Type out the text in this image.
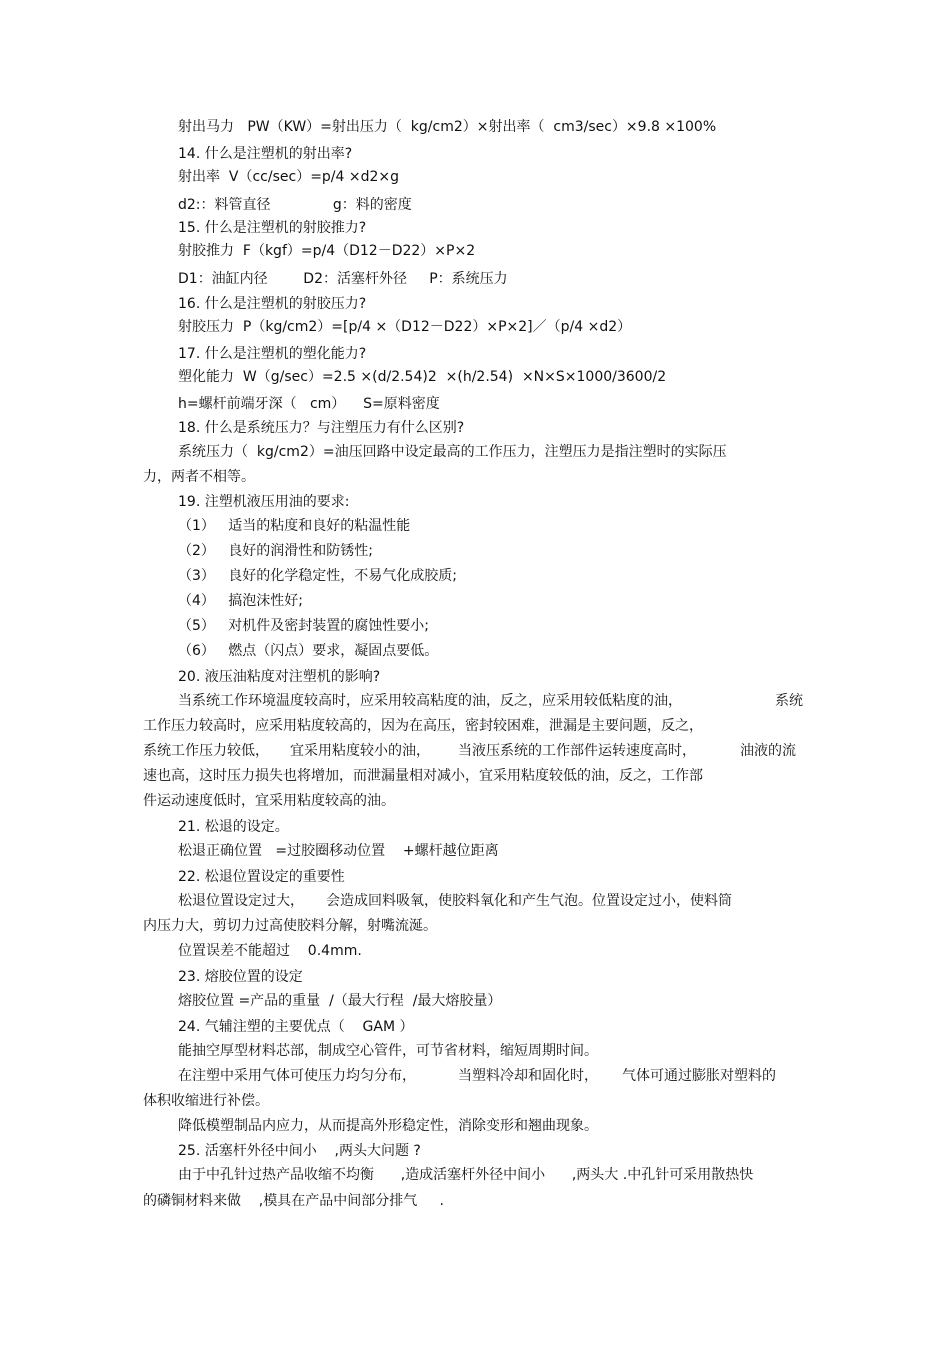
射出马力   PW（KW）=射出压力（  kg/cm2）×射出率（  cm3/sec）×9.8 ×100%
14. 什么是注塑机的射出率?
射出率  V（cc/sec）=p/4 ×d2×g
d2:：料管直径              g：料的密度
15. 什么是注塑机的射胶推力?
射胶推力  F（kgf）=p/4（D12－D22）×P×2
D1：油缸内径        D2：活塞杆外径     P：系统压力
16. 什么是注塑机的射胶压力?
射胶压力  P（kg/cm2）=[p/4 ×（D12－D22）×P×2]／（p/4 ×d2）
17. 什么是注塑机的塑化能力?
塑化能力  W（g/sec）=2.5 ×(d/2.54)2  ×(h/2.54)  ×N×S×1000/3600/2
h=螺杆前端牙深（   cm）    S=原料密度
18. 什么是系统压力？与注塑压力有什么区别?
系统压力（  kg/cm2）=油压回路中设定最高的工作压力，注塑压力是指注塑时的实际压
力，两者不相等。
19. 注塑机液压用油的要求:
（1）   适当的粘度和良好的粘温性能
（2）   良好的润滑性和防锈性;
（3）   良好的化学稳定性，不易气化成胶质;
（4）   搞泡沫性好;
（5）   对机件及密封装置的腐蚀性要小;
（6）   燃点（闪点）要求，凝固点要低。
20. 液压油粘度对注塑机的影响?
当系统工作环境温度较高时，应采用较高粘度的油，反之，应采用较低粘度的油，	系统
工作压力较高时，应采用粘度较高的，因为在高压，密封较困难，泄漏是主要问题，反之，
系统工作压力较低， 宜采用粘度较小的油， 当液压系统的工作部件运转速度高时，	油液的流
速也高，这时压力损失也将增加，而泄漏量相对减小，宜采用粘度较低的油，反之，工作部
件运动速度低时，宜采用粘度较高的油。
21. 松退的设定。
松退正确位置   =过胶圈移动位置    +螺杆越位距离
22. 松退位置设定的重要性
松退位置设定过大， 会造成回料吸氧，使胶料氧化和产生气泡。位置设定过小，使料筒
内压力大，剪切力过高使胶料分解，射嘴流涎。
位置误差不能超过    0.4mm.
23. 熔胶位置的设定
熔胶位置 =产品的重量  /（最大行程  /最大熔胶量）
24. 气辅注塑的主要优点（    GAM ）
能抽空厚型材料芯部，制成空心管件，可节省材料，缩短周期时间。
在注塑中采用气体可使压力均匀分布，	当塑料冷却和固化时， 气体可通过膨胀对塑料的
体积收缩进行补偿。
降低模塑制品内应力，从而提高外形稳定性，消除变形和翘曲现象。
25. 活塞杆外径中间小    ,两头大问题 ?
由于中孔针过热产品收缩不均衡      ,造成活塞杆外径中间小      ,两头大 .中孔针可采用散热快
的磷铜材料来做    ,模具在产品中间部分排气     .
